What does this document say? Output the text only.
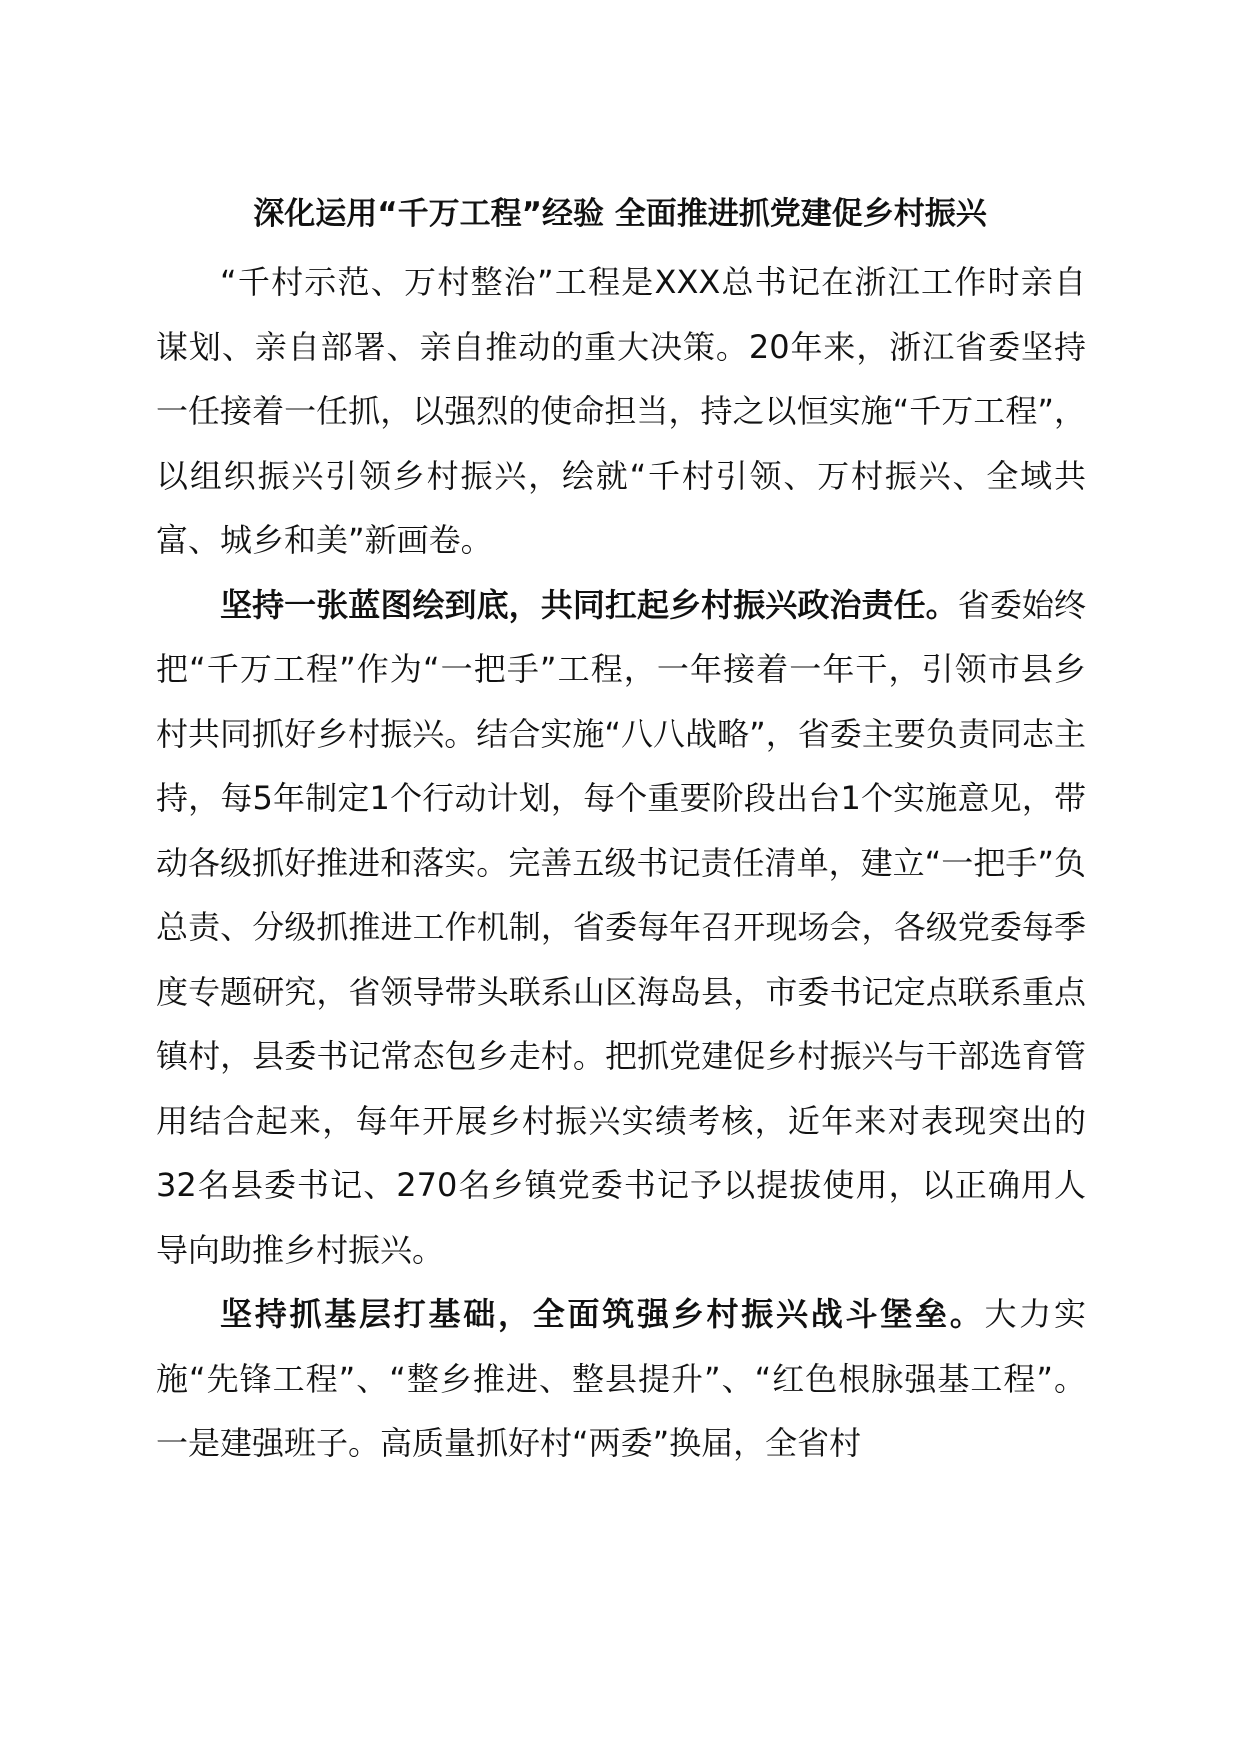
深化运用“千万工程”经验 全面推进抓党建促乡村振兴

“千村示范、万村整治”工程是XXX总书记在浙江工作时亲自谋划、亲自部署、亲自推动的重大决策。20年来，浙江省委坚持一任接着一任抓，以强烈的使命担当，持之以恒实施“千万工程”，以组织振兴引领乡村振兴，绘就“千村引领、万村振兴、全域共富、城乡和美”新画卷。

坚持一张蓝图绘到底，共同扛起乡村振兴政治责任。省委始终把“千万工程”作为“一把手”工程，一年接着一年干，引领市县乡村共同抓好乡村振兴。结合实施“八八战略”，省委主要负责同志主持，每5年制定1个行动计划，每个重要阶段出台1个实施意见，带动各级抓好推进和落实。完善五级书记责任清单，建立“一把手”负总责、分级抓推进工作机制，省委每年召开现场会，各级党委每季度专题研究，省领导带头联系山区海岛县，市委书记定点联系重点镇村，县委书记常态包乡走村。把抓党建促乡村振兴与干部选育管用结合起来，每年开展乡村振兴实绩考核，近年来对表现突出的32名县委书记、270名乡镇党委书记予以提拔使用，以正确用人导向助推乡村振兴。

坚持抓基层打基础，全面筑强乡村振兴战斗堡垒。大力实施“先锋工程”、“整乡推进、整县提升”、“红色根脉强基工程”。一是建强班子。高质量抓好村“两委”换届，全省村
